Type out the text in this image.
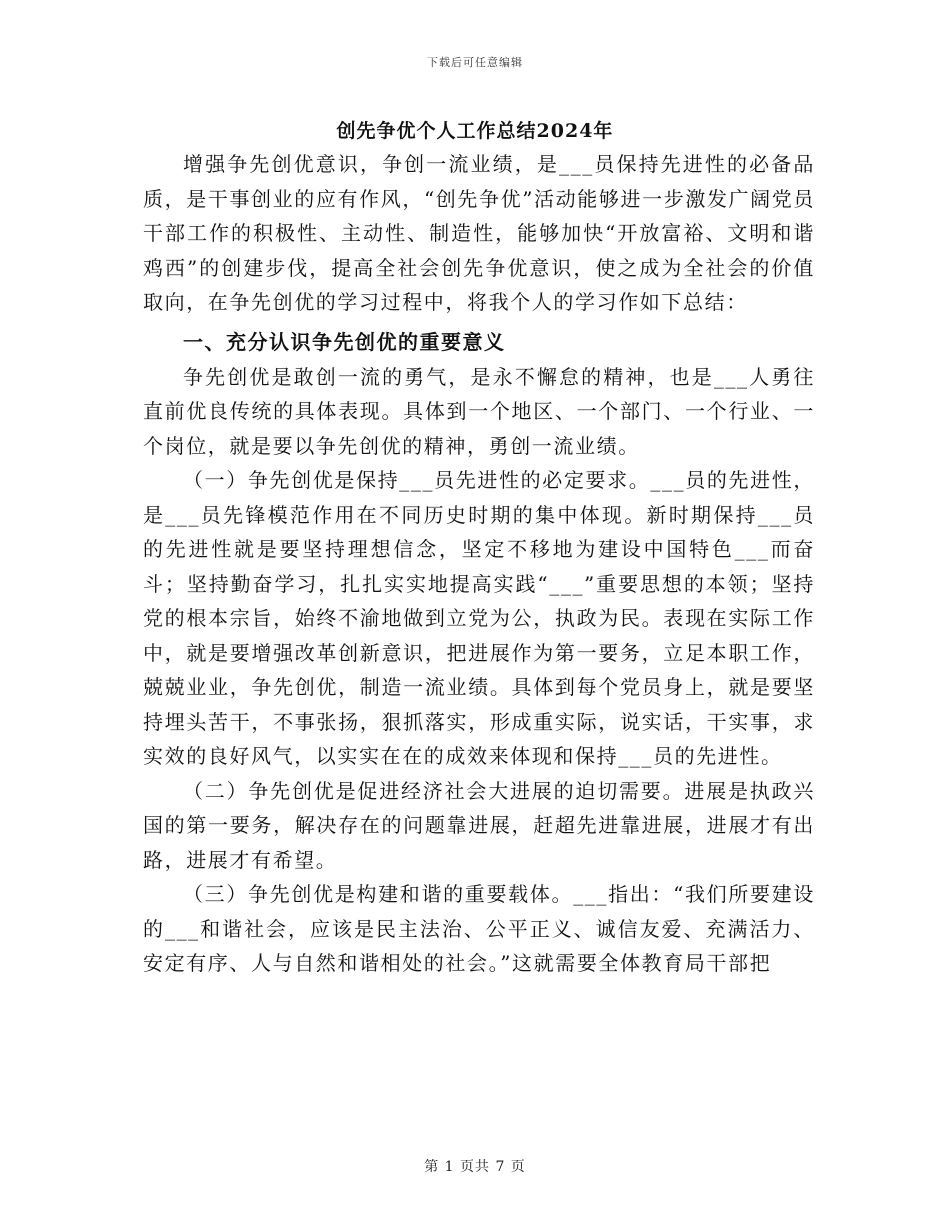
下载后可任意编辑
创先争优个人工作总结2024年

增强争先创优意识，争创一流业绩，是___员保持先进性的必备品质，是干事创业的应有作风，“创先争优”活动能够进一步激发广阔党员干部工作的积极性、主动性、制造性，能够加快“开放富裕、文明和谐鸡西”的创建步伐，提高全社会创先争优意识，使之成为全社会的价值取向，在争先创优的学习过程中，将我个人的学习作如下总结：

一、充分认识争先创优的重要意义

争先创优是敢创一流的勇气，是永不懈怠的精神，也是___人勇往直前优良传统的具体表现。具体到一个地区、一个部门、一个行业、一个岗位，就是要以争先创优的精神，勇创一流业绩。

（一）争先创优是保持___员先进性的必定要求。___员的先进性，是___员先锋模范作用在不同历史时期的集中体现。新时期保持___员的先进性就是要坚持理想信念，坚定不移地为建设中国特色___而奋斗；坚持勤奋学习，扎扎实实地提高实践“___”重要思想的本领；坚持党的根本宗旨，始终不渝地做到立党为公，执政为民。表现在实际工作中，就是要增强改革创新意识，把进展作为第一要务，立足本职工作，兢兢业业，争先创优，制造一流业绩。具体到每个党员身上，就是要坚持埋头苦干，不事张扬，狠抓落实，形成重实际，说实话，干实事，求实效的良好风气，以实实在在的成效来体现和保持___员的先进性。

（二）争先创优是促进经济社会大进展的迫切需要。进展是执政兴国的第一要务，解决存在的问题靠进展，赶超先进靠进展，进展才有出路，进展才有希望。

（三）争先创优是构建和谐的重要载体。___指出：“我们所要建设的___和谐社会，应该是民主法治、公平正义、诚信友爱、充满活力、安定有序、人与自然和谐相处的社会。”这就需要全体教育局干部把

第 1 页共 7 页
